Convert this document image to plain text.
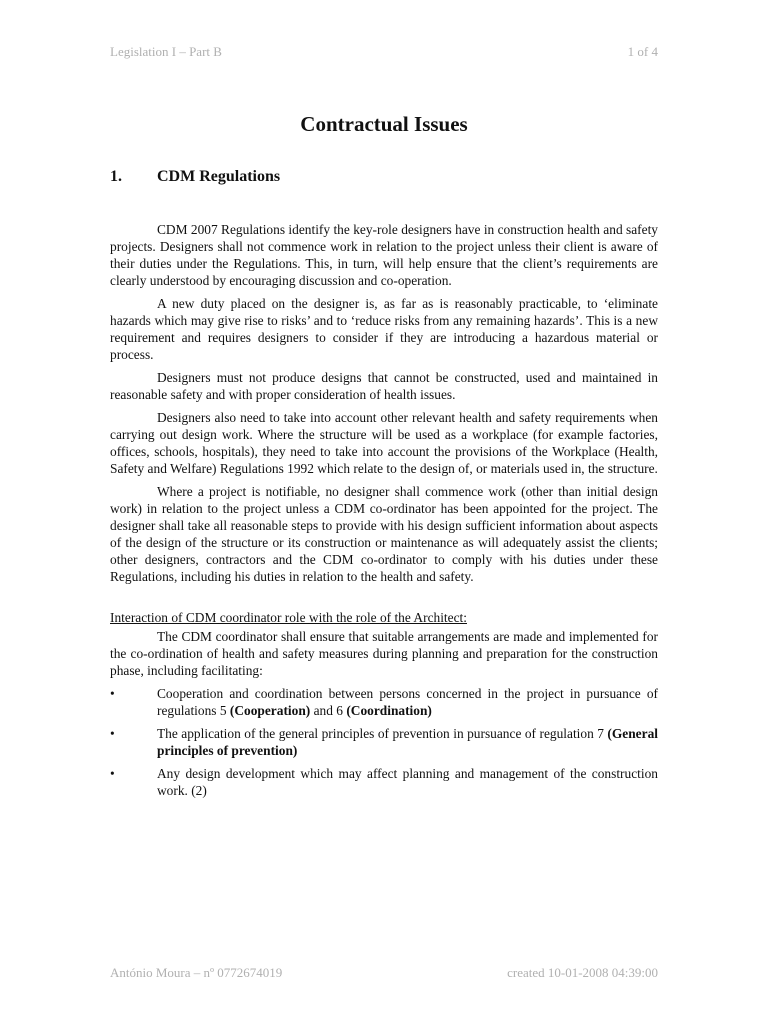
Legislation I – Part B	1 of 4
Contractual Issues
1. CDM Regulations

CDM 2007 Regulations identify the key-role designers have in construction health and safety projects. Designers shall not commence work in relation to the project unless their client is aware of their duties under the Regulations. This, in turn, will help ensure that the client’s requirements are clearly understood by encouraging discussion and co-operation.

A new duty placed on the designer is, as far as is reasonably practicable, to ‘eliminate hazards which may give rise to risks’ and to ‘reduce risks from any remaining hazards’. This is a new requirement and requires designers to consider if they are introducing a hazardous material or process.

Designers must not produce designs that cannot be constructed, used and maintained in reasonable safety and with proper consideration of health issues.

Designers also need to take into account other relevant health and safety requirements when carrying out design work. Where the structure will be used as a workplace (for example factories, offices, schools, hospitals), they need to take into account the provisions of the Workplace (Health, Safety and Welfare) Regulations 1992 which relate to the design of, or materials used in, the structure.

Where a project is notifiable, no designer shall commence work (other than initial design work) in relation to the project unless a CDM co-ordinator has been appointed for the project. The designer shall take all reasonable steps to provide with his design sufficient information about aspects of the design of the structure or its construction or maintenance as will adequately assist the clients; other designers, contractors and the CDM co-ordinator to comply with his duties under these Regulations, including his duties in relation to the health and safety.

Interaction of CDM coordinator role with the role of the Architect:

The CDM coordinator shall ensure that suitable arrangements are made and implemented for the co-ordination of health and safety measures during planning and preparation for the construction phase, including facilitating:

•	Cooperation and coordination between persons concerned in the project in pursuance of regulations 5 (Cooperation) and 6 (Coordination)
•	The application of the general principles of prevention in pursuance of regulation 7 (General principles of prevention)
•	Any design development which may affect planning and management of the construction work. (2)
António Moura – nº 0772674019	created 10-01-2008 04:39:00
